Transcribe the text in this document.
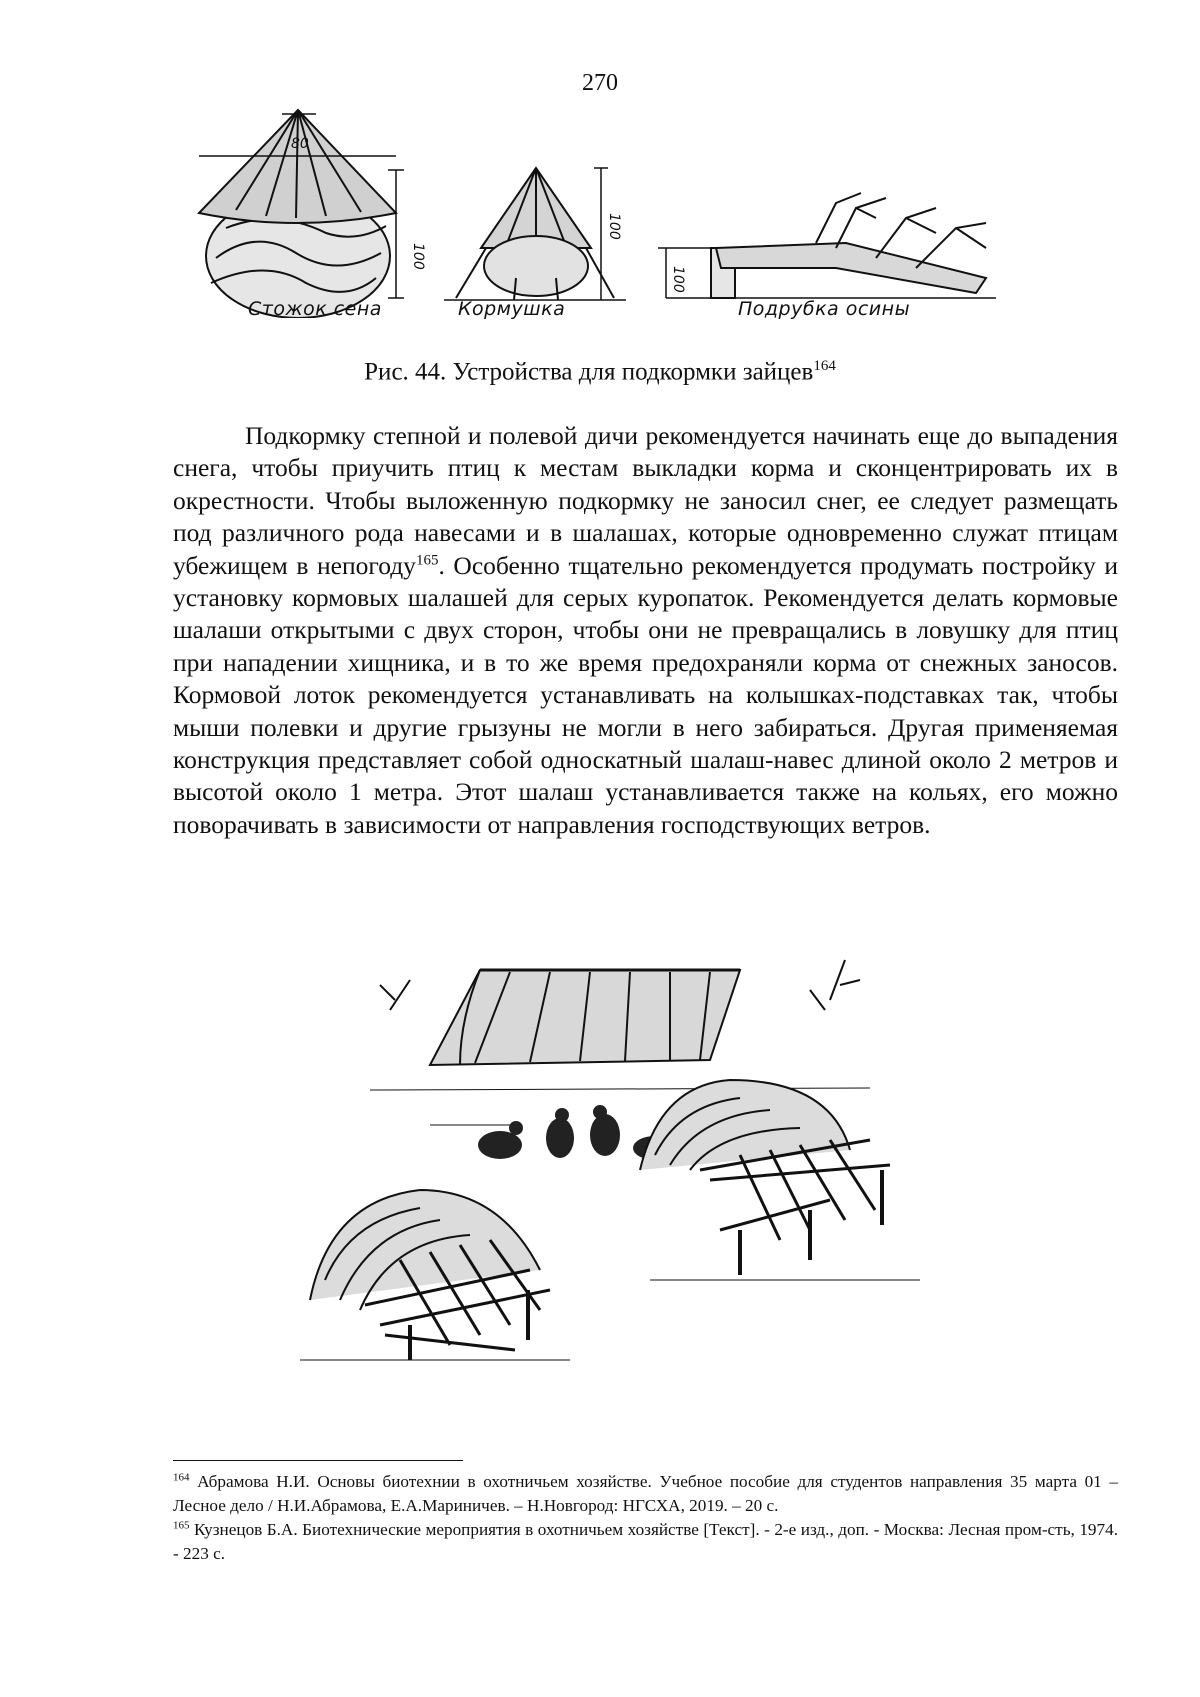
270
80
100
100
100
Стожок сена	Кормушка	Подрубка осины
Рис. 44. Устройства для подкормки зайцев$^{164}$

Подкормку степной и полевой дичи рекомендуется начинать еще до выпадения снега, чтобы приучить птиц к местам выкладки корма и сконцентрировать их в окрестности. Чтобы выложенную подкормку не заносил снег, ее следует размещать под различного рода навесами и в шалашах, которые одновременно служат птицам убежищем в непогоду$^{165}$. Особенно тщательно рекомендуется продумать постройку и установку кормовых шалашей для серых куропаток. Рекомендуется делать кормовые шалаши открытыми с двух сторон, чтобы они не превращались в ловушку для птиц при нападении хищника, и в то же время предохраняли корма от снежных заносов. Кормовой лоток рекомендуется устанавливать на колышках-подставках так, чтобы мыши полевки и другие грызуны не могли в него забираться. Другая применяемая конструкция представляет собой односкатный шалаш-навес длиной около 2 метров и высотой около 1 метра. Этот шалаш устанавливается также на кольях, его можно поворачивать в зависимости от направления господствующих ветров.

$^{164}$ Абрамова Н.И. Основы биотехнии в охотничьем хозяйстве. Учебное пособие для студентов направления 35 марта 01 – Лесное дело / Н.И.Абрамова, Е.А.Мариничев. – Н.Новгород: НГСХА, 2019. – 20 с.

$^{165}$ Кузнецов Б.А. Биотехнические мероприятия в охотничьем хозяйстве [Текст]. - 2-е изд., доп. - Москва: Лесная пром-сть, 1974. - 223 с.
